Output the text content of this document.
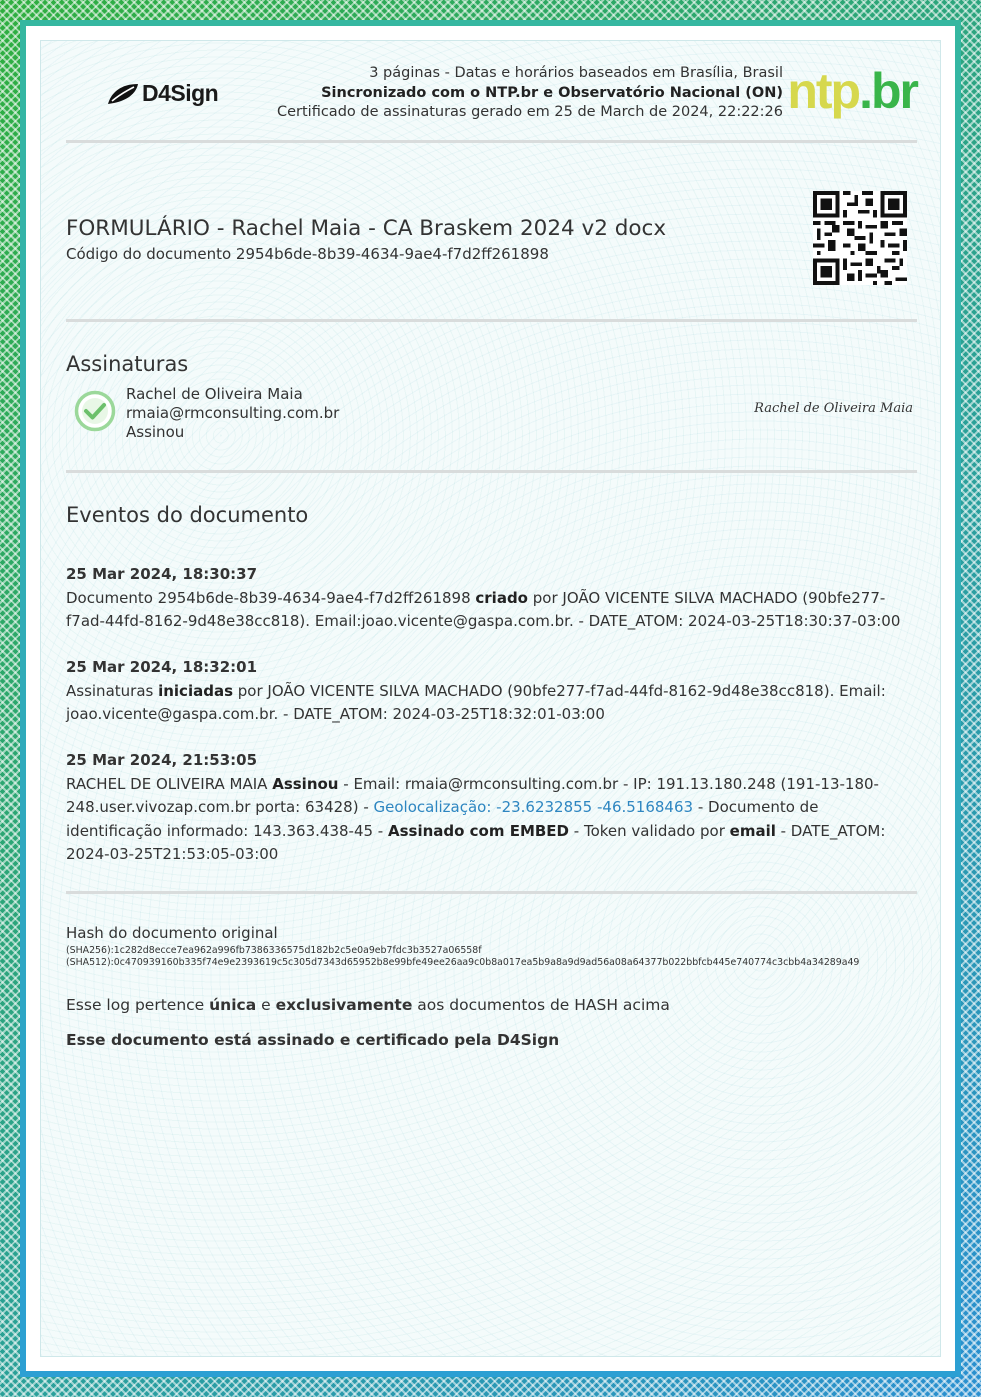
D4Sign
3 páginas - Datas e horários baseados em Brasília, Brasil
Sincronizado com o NTP.br e Observatório Nacional (ON)
Certificado de assinaturas gerado em 25 de March de 2024, 22:22:26 ntp.br
FORMULÁRIO - Rachel Maia - CA Braskem 2024 v2 docx
Código do documento 2954b6de-8b39-4634-9ae4-f7d2ff261898
Assinaturas
Rachel de Oliveira Maia
rmaia@rmconsulting.com.br
Assinou
Rachel de Oliveira Maia
Eventos do documento
25 Mar 2024, 18:30:37
Documento 2954b6de-8b39-4634-9ae4-f7d2ff261898 criado por JOÃO VICENTE SILVA MACHADO (90bfe277-f7ad-44fd-8162-9d48e38cc818). Email:joao.vicente@gaspa.com.br. - DATE_ATOM: 2024-03-25T18:30:37-03:00
25 Mar 2024, 18:32:01
Assinaturas iniciadas por JOÃO VICENTE SILVA MACHADO (90bfe277-f7ad-44fd-8162-9d48e38cc818). Email: joao.vicente@gaspa.com.br. - DATE_ATOM: 2024-03-25T18:32:01-03:00
25 Mar 2024, 21:53:05
RACHEL DE OLIVEIRA MAIA Assinou - Email: rmaia@rmconsulting.com.br - IP: 191.13.180.248 (191-13-180-248.user.vivozap.com.br porta: 63428) - Geolocalização: -23.6232855 -46.5168463 - Documento de identificação informado: 143.363.438-45 - Assinado com EMBED - Token validado por email - DATE_ATOM: 2024-03-25T21:53:05-03:00
Hash do documento original
(SHA256):1c282d8ecce7ea962a996fb7386336575d182b2c5e0a9eb7fdc3b3527a06558f
(SHA512):0c470939160b335f74e9e2393619c5c305d7343d65952b8e99bfe49ee26aa9c0b8a017ea5b9a8a9d9ad56a08a64377b022bbfcb445e740774c3cbb4a34289a49
Esse log pertence única e exclusivamente aos documentos de HASH acima
Esse documento está assinado e certificado pela D4Sign
